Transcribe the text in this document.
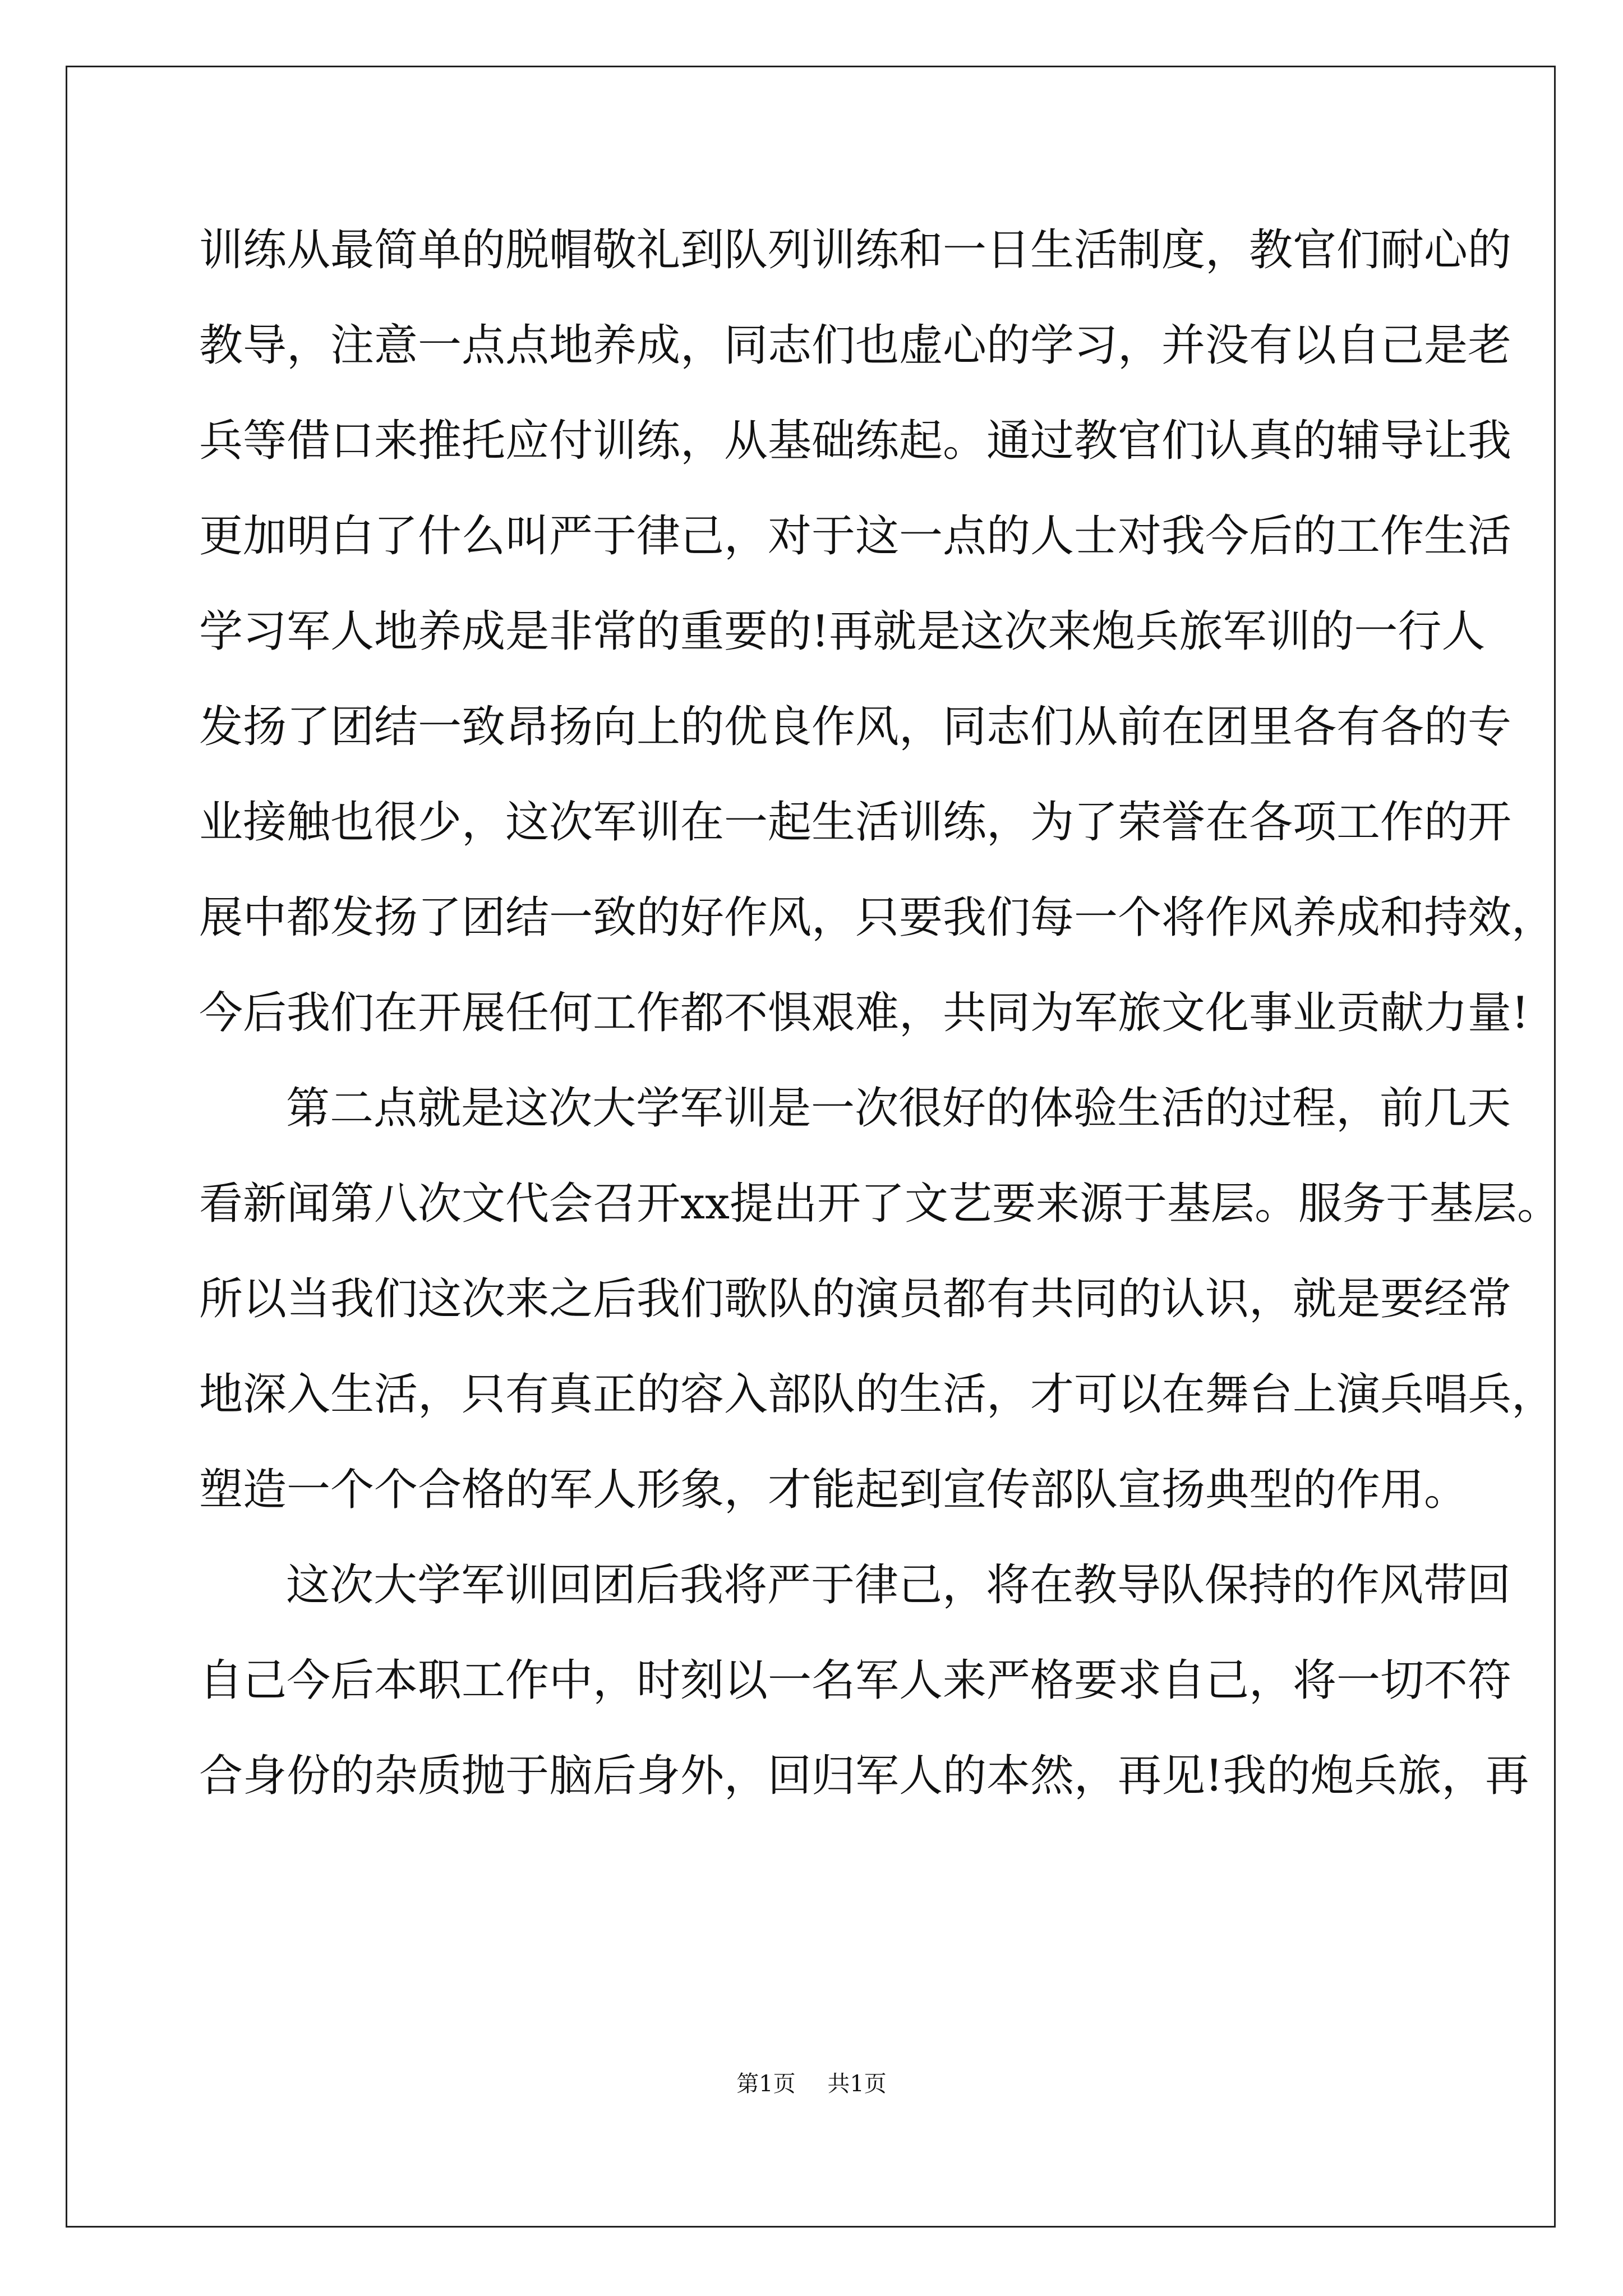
训练从最简单的脱帽敬礼到队列训练和一日生活制度，教官们耐心的
教导，注意一点点地养成，同志们也虚心的学习，并没有以自己是老
兵等借口来推托应付训练，从基础练起。通过教官们认真的辅导让我
更加明白了什么叫严于律己，对于这一点的人士对我今后的工作生活
学习军人地养成是非常的重要的!再就是这次来炮兵旅军训的一行人
发扬了团结一致昂扬向上的优良作风，同志们从前在团里各有各的专
业接触也很少，这次军训在一起生活训练，为了荣誉在各项工作的开
展中都发扬了团结一致的好作风，只要我们每一个将作风养成和持效，
今后我们在开展任何工作都不惧艰难，共同为军旅文化事业贡献力量!
第二点就是这次大学军训是一次很好的体验生活的过程，前几天
看新闻第八次文代会召开xx提出开了文艺要来源于基层。服务于基层。
所以当我们这次来之后我们歌队的演员都有共同的认识，就是要经常
地深入生活，只有真正的容入部队的生活，才可以在舞台上演兵唱兵，
塑造一个个合格的军人形象，才能起到宣传部队宣扬典型的作用。
这次大学军训回团后我将严于律己，将在教导队保持的作风带回
自己今后本职工作中，时刻以一名军人来严格要求自己，将一切不符
合身份的杂质抛于脑后身外，回归军人的本然，再见!我的炮兵旅，再
第1页 共1页
